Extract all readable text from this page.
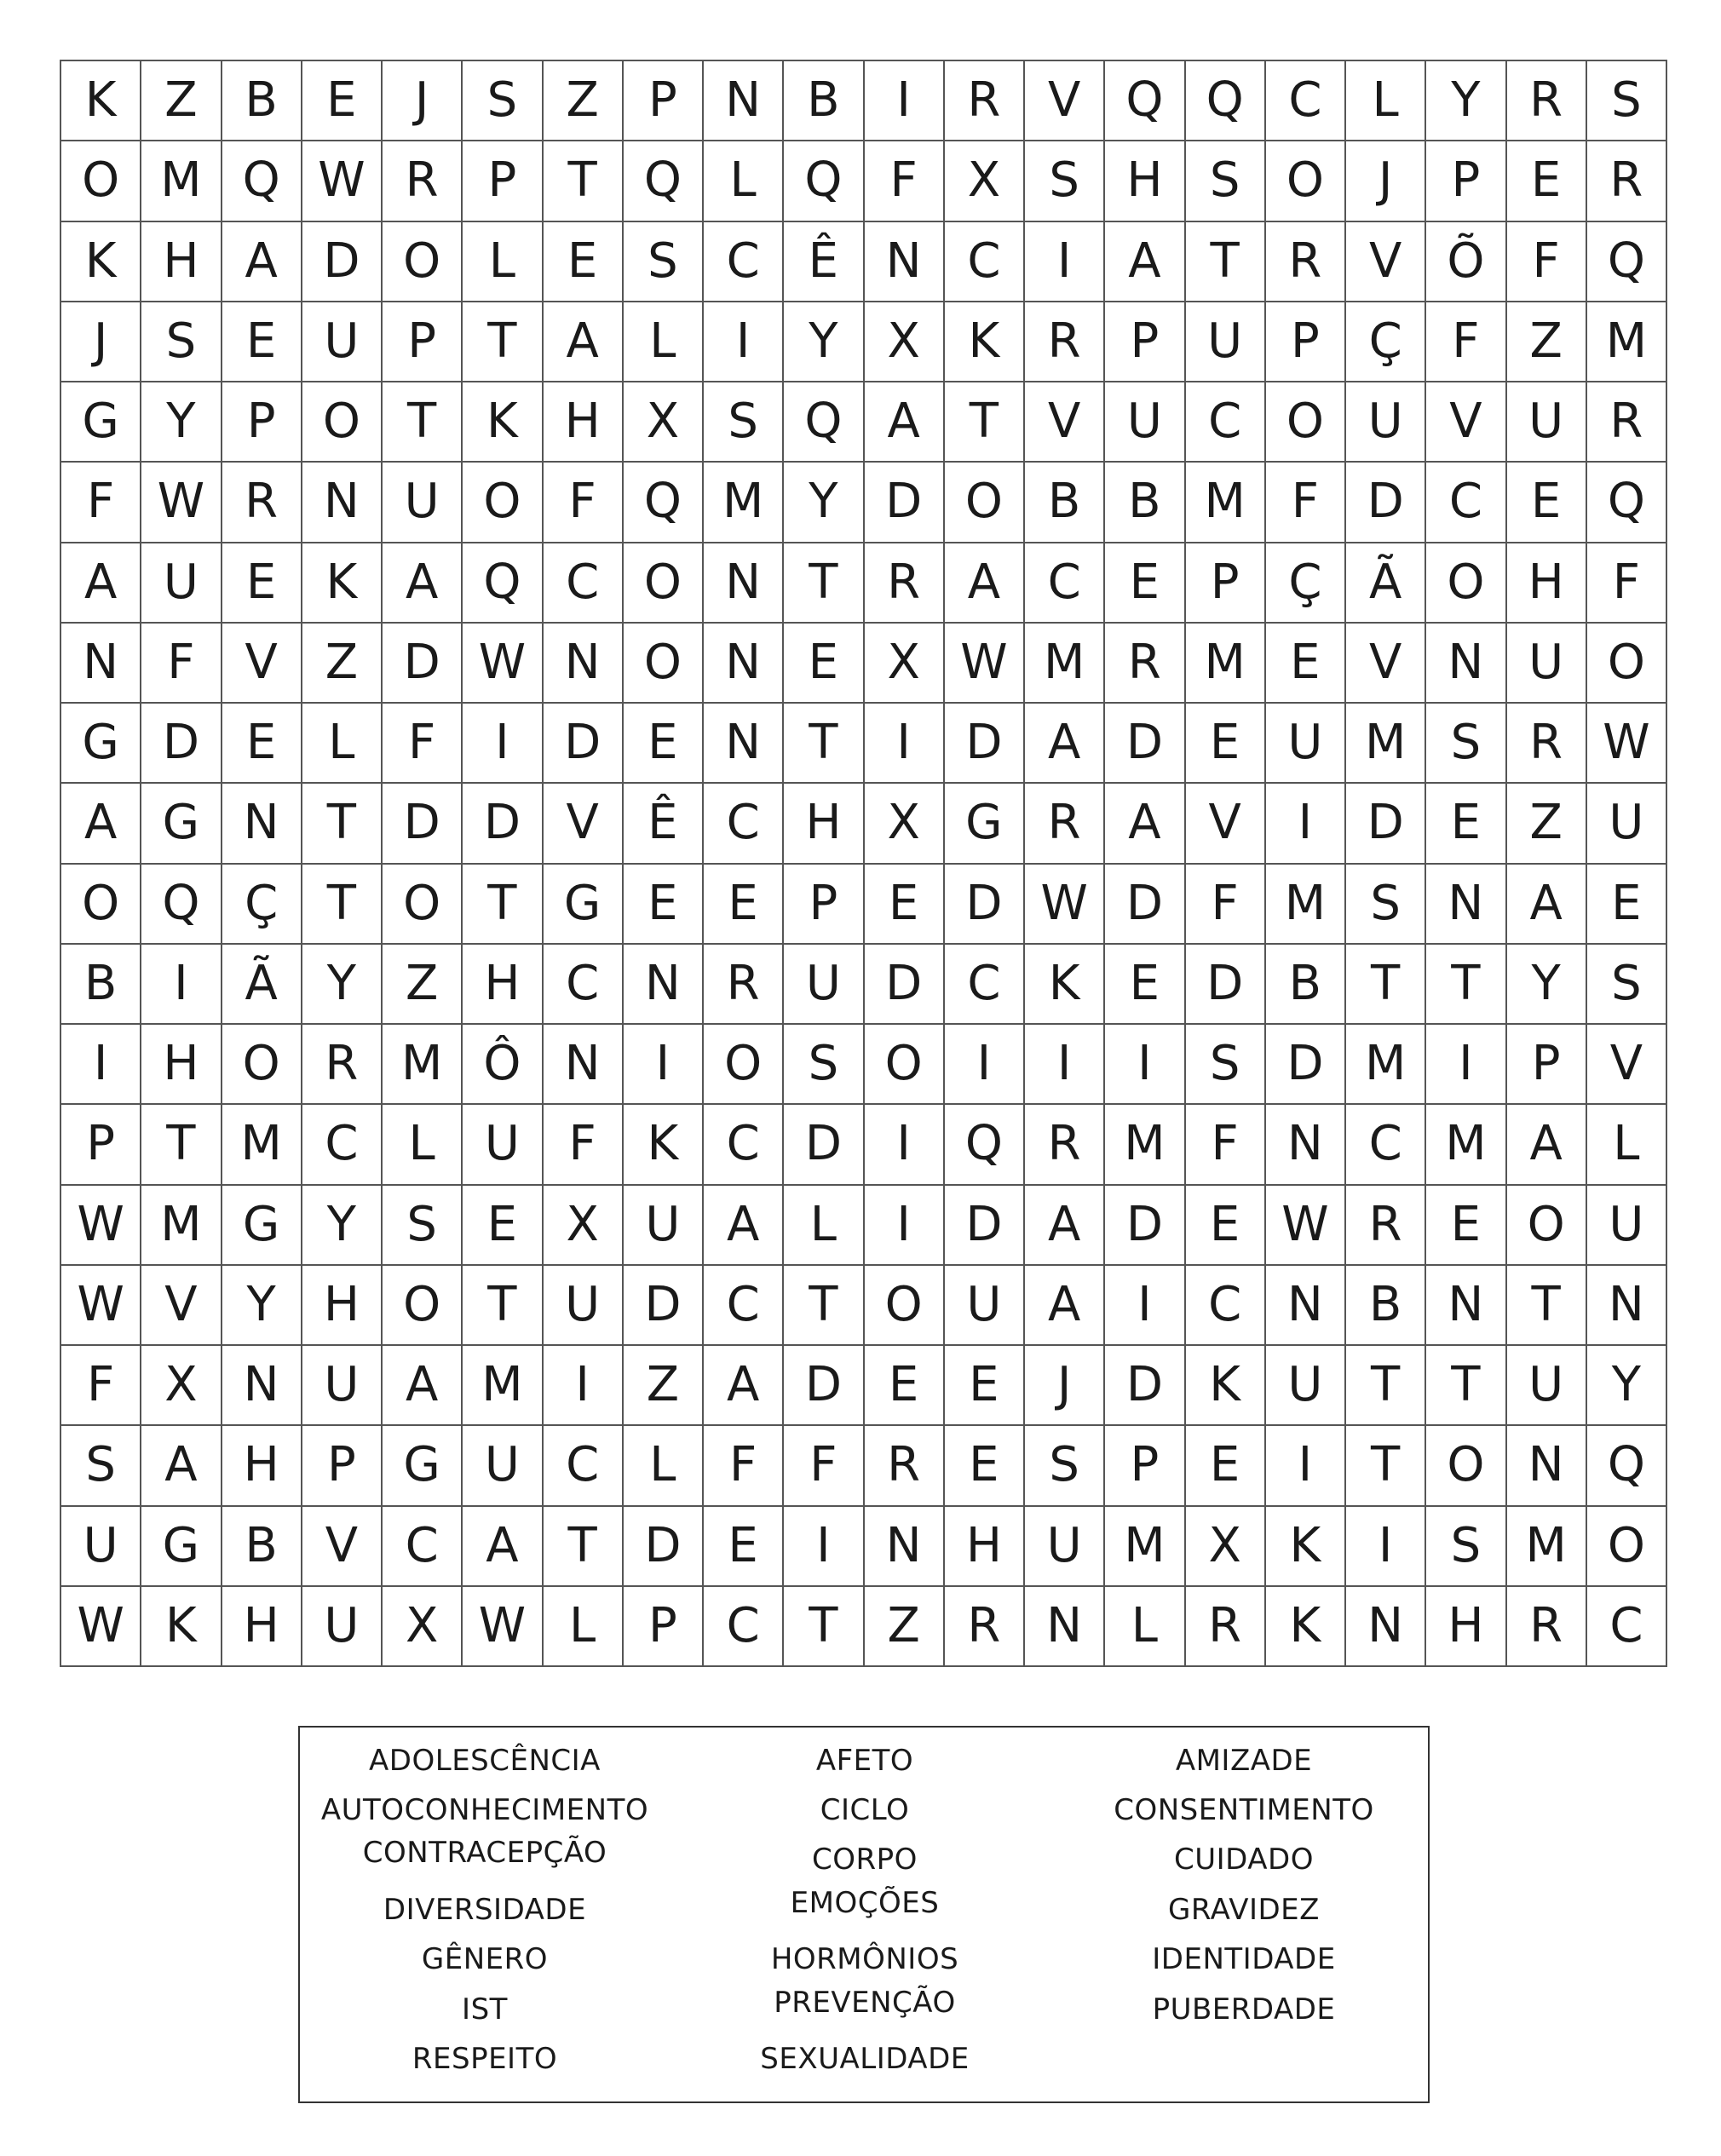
K	Z B	E	J	S	Z	P	N B	I	R V Q Q C	L	Y	R	S
O M Q W R	P	T Q	L	Q	F	X	S H S O	J	P	E	R
K H A D O	L	E	S	C	Ê N C	I	A	T	R V Õ	F	Q
J	S	E	U	P	T	A	L	I	Y	X	K	R	P	U	P	Ç	F	Z M
G Y	P O T	K H X	S Q A	T	V U C O U V U R
F W R N U O	F	Q M Y D O B B M F	D C	E Q
A U	E	K	A Q C O N	T	R A C	E	P	Ç Ã O H	F
N	F	V Z D W N O N E	X W M R M E	V N U O
G D E	L	F	I	D E N	T	I	D A D E	U M S	R W
A G N	T D D V	Ê	C H X G R A V	I	D E	Z U
O Q Ç	T O T G E	E	P	E D W D	F M S N A	E
B	I	Ã	Y	Z H C N R U D C	K	E D B	T	T	Y	S
I	H O R M Ô N	I	O S O	I	I	I	S D M	I	P	V
P	T M C	L	U	F	K	C D	I	Q R M F	N C M A	L
W M G Y	S	E	X U A	L	I	D A D E W R	E O U
W V	Y	H O T	U D C	T O U A	I	C N B N	T	N
F	X N U A M	I	Z A D E	E	J	D K U	T	T	U	Y
S	A H	P G U C	L	F	F	R	E	S	P	E	I	T O N Q
U G B V C A	T D E	I	N H U M X	K	I	S M O
W K H U X W L	P	C	T	Z R N	L	R	K N H R C
ADOLESCÊNCIA
AUTOCONHECIMENTO
CONTRACEPÇÃO
DIVERSIDADE
GÊNERO
IST
RESPEITO
AFETO
CICLO
CORPO
EMOÇÕES
HORMÔNIOS
PREVENÇÃO
SEXUALIDADE
AMIZADE
CONSENTIMENTO
CUIDADO
GRAVIDEZ
IDENTIDADE
PUBERDADE
